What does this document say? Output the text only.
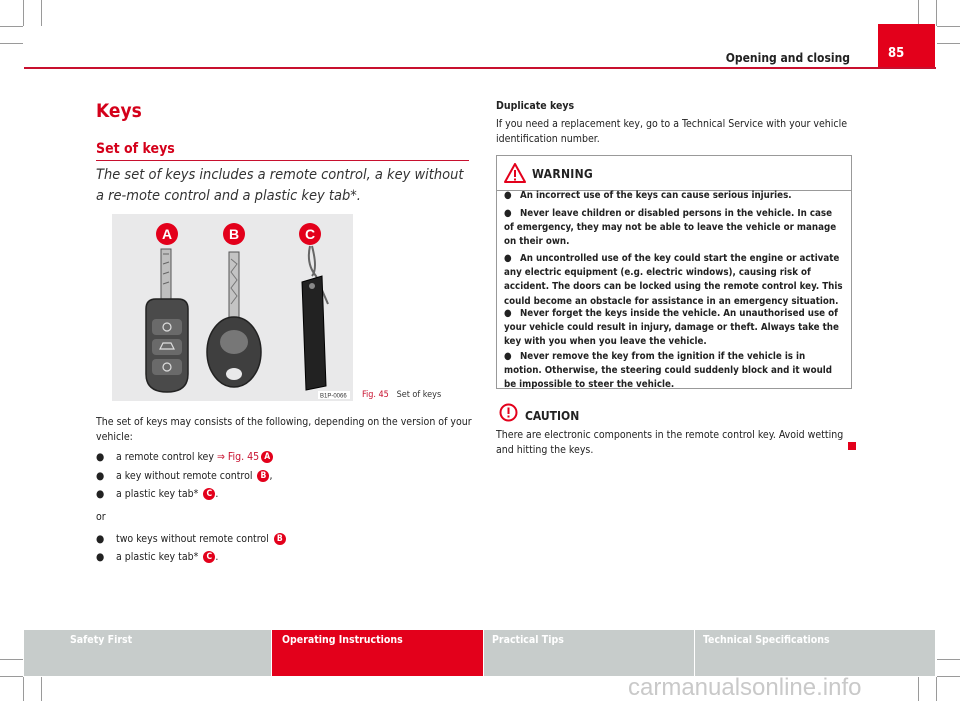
Opening and closing	85
Keys
Set of keys
The set of keys includes a remote control, a key without a re-mote control and a plastic key tab*.
A	B	C
B1P-0066 Fig. 45 Set of keys
The set of keys may consists of the following, depending on the version of your vehicle:
● a remote control key ⇒ Fig. 45 A
● a key without remote control B ,
● a plastic key tab* C .
or
● two keys without remote control B
● a plastic key tab* C .
Duplicate keys
If you need a replacement key, go to a Technical Service with your vehicle identification number.
WARNING
● An incorrect use of the keys can cause serious injuries.
● Never leave children or disabled persons in the vehicle. In case of emergency, they may not be able to leave the vehicle or manage on their own.
● An uncontrolled use of the key could start the engine or activate any electric equipment (e.g. electric windows), causing risk of accident. The doors can be locked using the remote control key. This could become an obstacle for assistance in an emergency situation.
● Never forget the keys inside the vehicle. An unauthorised use of your vehicle could result in injury, damage or theft. Always take the key with you when you leave the vehicle.
● Never remove the key from the ignition if the vehicle is in motion. Otherwise, the steering could suddenly block and it would be impossible to steer the vehicle.
CAUTION
There are electronic components in the remote control key. Avoid wetting and hitting the keys.
Safety First	Operating Instructions	Practical Tips	Technical Specifications
carmanualsonline.info
